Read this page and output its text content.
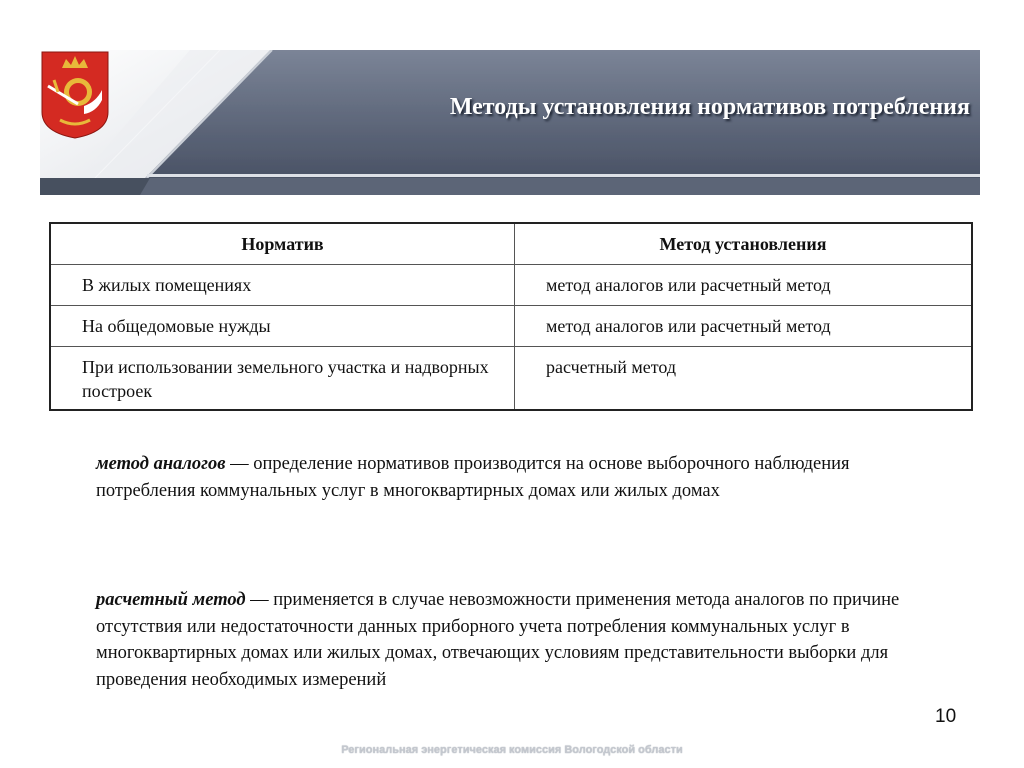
Методы установления нормативов потребления
Норматив	Метод установления
В жилых помещениях	метод аналогов или расчетный метод
На общедомовые нужды	метод аналогов или расчетный метод
При использовании земельного участка и надворных построек	расчетный метод
метод аналогов — определение нормативов производится на основе выборочного наблюдения потребления коммунальных услуг в многоквартирных домах или жилых домах
расчетный метод — применяется в случае невозможности применения метода аналогов по причине отсутствия или недостаточности данных приборного учета потребления коммунальных услуг в многоквартирных домах или жилых домах, отвечающих условиям представительности выборки для проведения необходимых измерений
10
Региональная энергетическая комиссия Вологодской области
